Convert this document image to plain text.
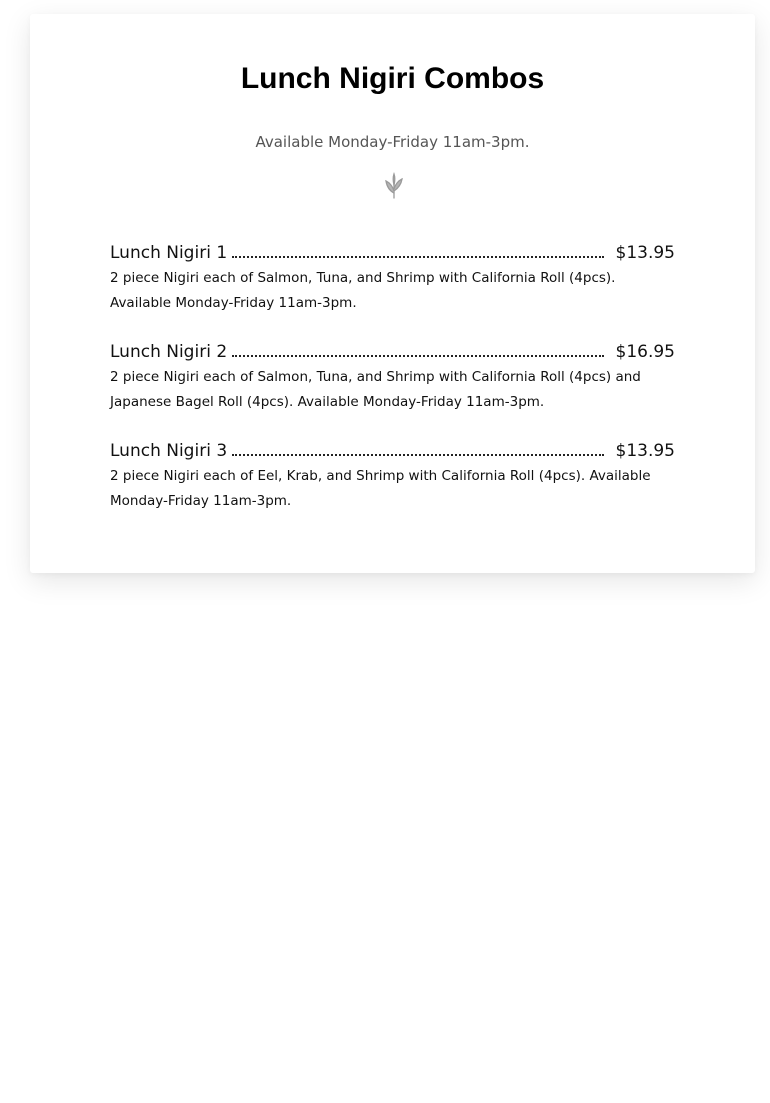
Lunch Nigiri Combos

Available Monday-Friday 11am-3pm.

Lunch Nigiri 1	$13.95
2 piece Nigiri each of Salmon, Tuna, and Shrimp with California Roll (4pcs). Available Monday-Friday 11am-3pm.
Lunch Nigiri 2	$16.95
2 piece Nigiri each of Salmon, Tuna, and Shrimp with California Roll (4pcs) and Japanese Bagel Roll (4pcs). Available Monday-Friday 11am-3pm.
Lunch Nigiri 3	$13.95
2 piece Nigiri each of Eel, Krab, and Shrimp with California Roll (4pcs). Available Monday-Friday 11am-3pm.
